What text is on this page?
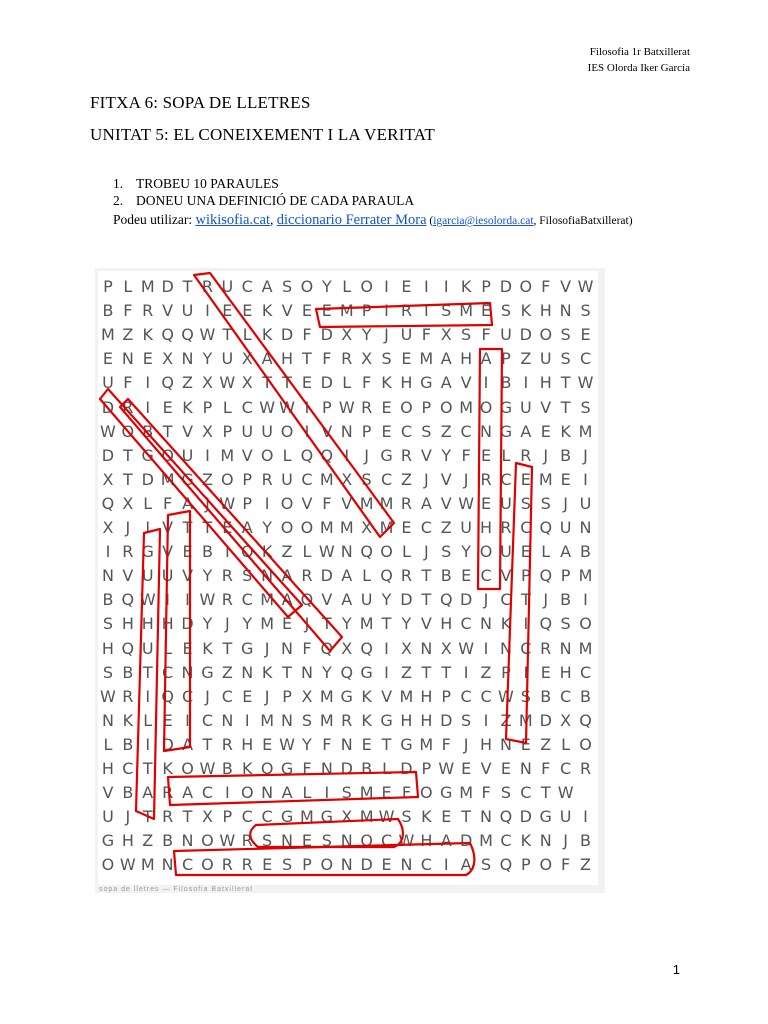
Filosofia 1r Batxillerat
IES Olorda Iker García
FITXA 6: SOPA DE LLETRES
UNITAT 5: EL CONEIXEMENT I LA VERITAT
1. TROBEU 10 PARAULES
2. DONEU UNA DEFINICIÓ DE CADA PARAULA
Podeu utilizar: wikisofia.cat, diccionario Ferrater Mora (igarcia@iesolorda.cat, FilosofiaBatxillerat)
P L M D T R U C A S O Y L O I E I I K P D O F V W
B F R V U I E E K V E E M P I R I S M E S K H N S
M Z K Q Q W T L K D F D X Y J U F X S F U D O S E
E N E X N Y U X A H T F R X S E M A H A P Z U S C
U F I Q Z X W X T T E D L F K H G A V I B I H T W
D R I E K P L C W W I P W R E O P O M O G U V T S
W O B T V X P U U O I V N P E C S Z C N G A E K M
D T G O U I M V O L Q Q I J G R V Y F E L R J B J
X T D M G Z O P R U C M X S C Z J V J R C E M E I
Q X L F A J W P I O V F V M M R A V W E U S S J U
X J I V T T E A Y O O M M X M E C Z U H R C Q U N
I R G V E B I O K Z L W N Q O L J S Y O U E L A B
N V U U V Y R S N A R D A L Q R T B E C V P Q P M
B Q W I I W R C M A Q V A U Y D T Q D J C T J B I
S H H H D Y J Y M E J T Y M T Y V H C N K I Q S O
H Q U L E K T G J N F Q X Q I X N X W I N C R N M
S B T C N G Z N K T N Y Q G I Z T T I Z P I E H C
W R I Q C J C E J P X M G K V M H P C C W S B C B
N K L E I C N I M N S M R K G H H D S I Z M D X Q
L B I D A T R H E W Y F N E T G M F J H N E Z L O
H C T K O W B K O G F N D B L D P W E V E N F C R
V B A R A C I O N A L I S M E F O G M F S C T W
U J T R T X P C C G M G X M W S K E T N Q D G U I
G H Z B N O W R S N E S N O C W H A D M C K N J B
O W M N C O R R E S P O N D E N C I A S Q P O F Z
sopa de lletres — Filosofia Batxillerat
1
